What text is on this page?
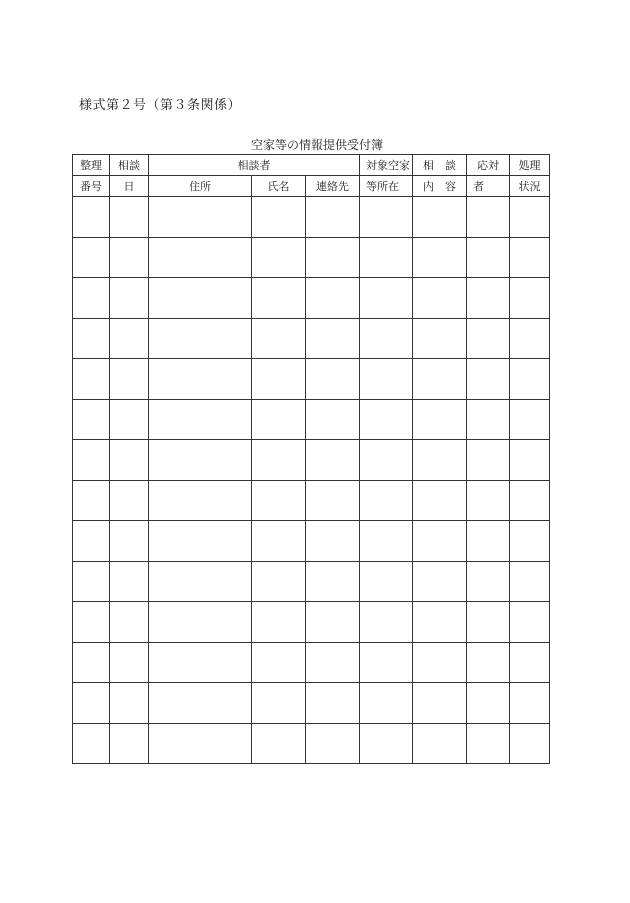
様式第２号（第３条関係）
空家等の情報提供受付簿
整理	相談	相談者			対象空家	相　談	応対	処理
番号	日	住所	氏名	連絡先	等所在	内　容	者	状況
